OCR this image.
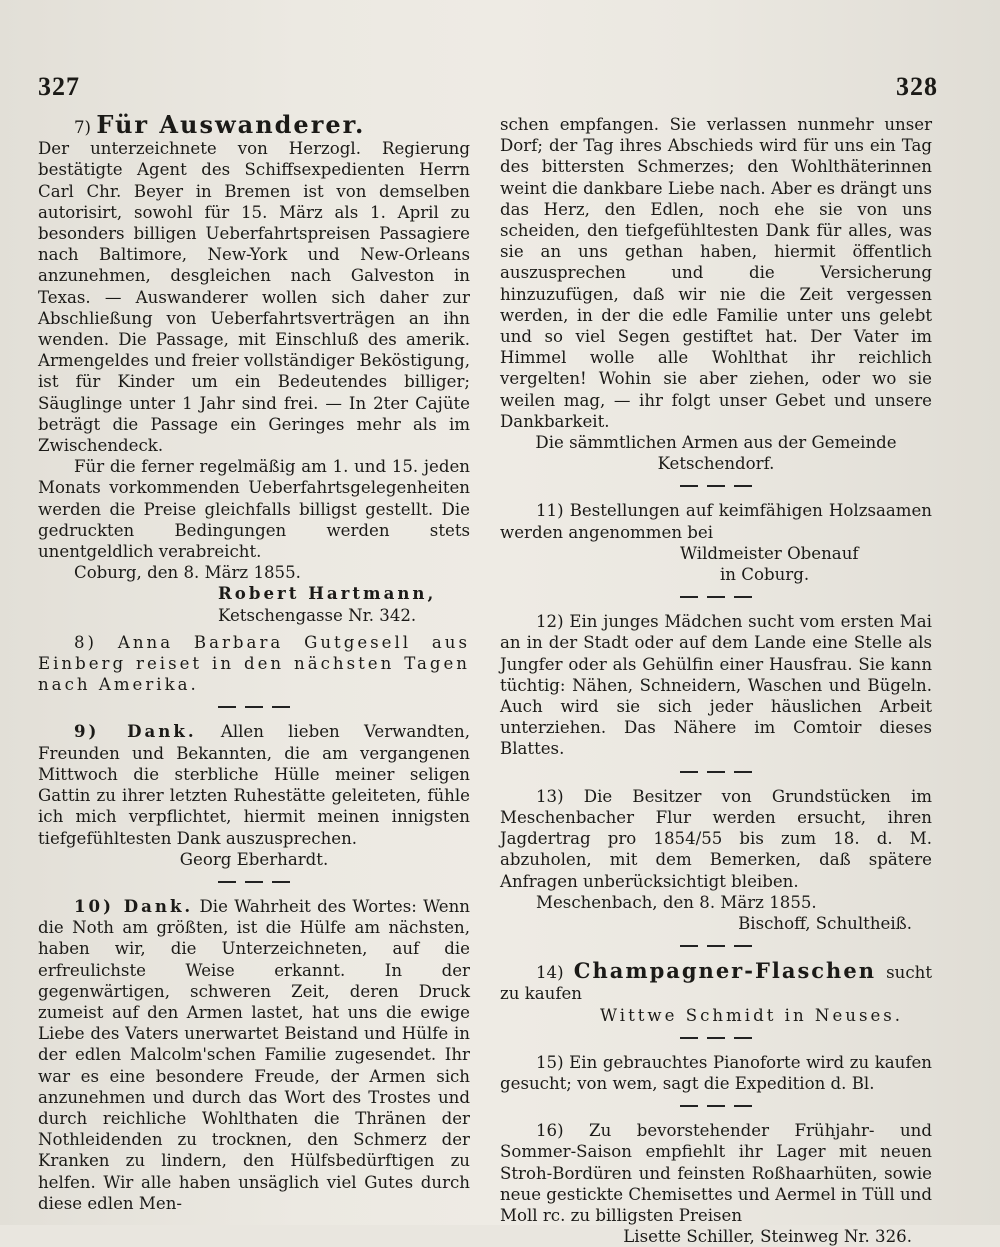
327	328

7) Für Auswanderer.

Der unterzeichnete von Herzogl. Regierung bestätigte Agent des Schiffsexpedienten Herrn Carl Chr. Beyer in Bremen ist von demselben autorisirt, sowohl für 15. März als 1. April zu besonders billigen Ueberfahrtspreisen Passagiere nach Baltimore, New-York und New-Orleans anzunehmen, desgleichen nach Galveston in Texas. — Auswanderer wollen sich daher zur Abschließung von Ueberfahrtsverträgen an ihn wenden. Die Passage, mit Einschluß des amerik. Armengeldes und freier vollständiger Beköstigung, ist für Kinder um ein Bedeutendes billiger; Säuglinge unter 1 Jahr sind frei. — In 2ter Cajüte beträgt die Passage ein Geringes mehr als im Zwischendeck.

Für die ferner regelmäßig am 1. und 15. jeden Monats vorkommenden Ueberfahrtsgelegenheiten werden die Preise gleichfalls billigst gestellt. Die gedruckten Bedingungen werden stets unentgeldlich verabreicht.

Coburg, den 8. März 1855.

Robert Hartmann,

Ketschengasse Nr. 342.

8) Anna Barbara Gutgesell aus Einberg reiset in den nächsten Tagen nach Amerika.

9) Dank. Allen lieben Verwandten, Freunden und Bekannten, die am vergangenen Mittwoch die sterbliche Hülle meiner seligen Gattin zu ihrer letzten Ruhestätte geleiteten, fühle ich mich verpflichtet, hiermit meinen innigsten tiefgefühltesten Dank auszusprechen.

Georg Eberhardt.

10) Dank. Die Wahrheit des Wortes: Wenn die Noth am größten, ist die Hülfe am nächsten, haben wir, die Unterzeichneten, auf die erfreulichste Weise erkannt. In der gegenwärtigen, schweren Zeit, deren Druck zumeist auf den Armen lastet, hat uns die ewige Liebe des Vaters unerwartet Beistand und Hülfe in der edlen Malcolm'schen Familie zugesendet. Ihr war es eine besondere Freude, der Armen sich anzunehmen und durch das Wort des Trostes und durch reichliche Wohlthaten die Thränen der Nothleidenden zu trocknen, den Schmerz der Kranken zu lindern, den Hülfsbedürftigen zu helfen. Wir alle haben unsäglich viel Gutes durch diese edlen Men-

schen empfangen. Sie verlassen nunmehr unser Dorf; der Tag ihres Abschieds wird für uns ein Tag des bittersten Schmerzes; den Wohlthäterinnen weint die dankbare Liebe nach. Aber es drängt uns das Herz, den Edlen, noch ehe sie von uns scheiden, den tiefgefühltesten Dank für alles, was sie an uns gethan haben, hiermit öffentlich auszusprechen und die Versicherung hinzuzufügen, daß wir nie die Zeit vergessen werden, in der die edle Familie unter uns gelebt und so viel Segen gestiftet hat. Der Vater im Himmel wolle alle Wohlthat ihr reichlich vergelten! Wohin sie aber ziehen, oder wo sie weilen mag, — ihr folgt unser Gebet und unsere Dankbarkeit.

Die sämmtlichen Armen aus der Gemeinde

Ketschendorf.

11) Bestellungen auf keimfähigen Holzsaamen werden angenommen bei

Wildmeister Obenauf

in Coburg.

12) Ein junges Mädchen sucht vom ersten Mai an in der Stadt oder auf dem Lande eine Stelle als Jungfer oder als Gehülfin einer Hausfrau. Sie kann tüchtig: Nähen, Schneidern, Waschen und Bügeln. Auch wird sie sich jeder häuslichen Arbeit unterziehen. Das Nähere im Comtoir dieses Blattes.

13) Die Besitzer von Grundstücken im Meschenbacher Flur werden ersucht, ihren Jagdertrag pro 1854/55 bis zum 18. d. M. abzuholen, mit dem Bemerken, daß spätere Anfragen unberücksichtigt bleiben.

Meschenbach, den 8. März 1855.

Bischoff, Schultheiß.

14) Champagner-Flaschen sucht zu kaufen

Wittwe Schmidt in Neuses.

15) Ein gebrauchtes Pianoforte wird zu kaufen gesucht; von wem, sagt die Expedition d. Bl.

16) Zu bevorstehender Frühjahr- und Sommer-Saison empfiehlt ihr Lager mit neuen Stroh-Bordüren und feinsten Roßhaarhüten, sowie neue gestickte Chemisettes und Aermel in Tüll und Moll rc. zu billigsten Preisen

Lisette Schiller, Steinweg Nr. 326.
